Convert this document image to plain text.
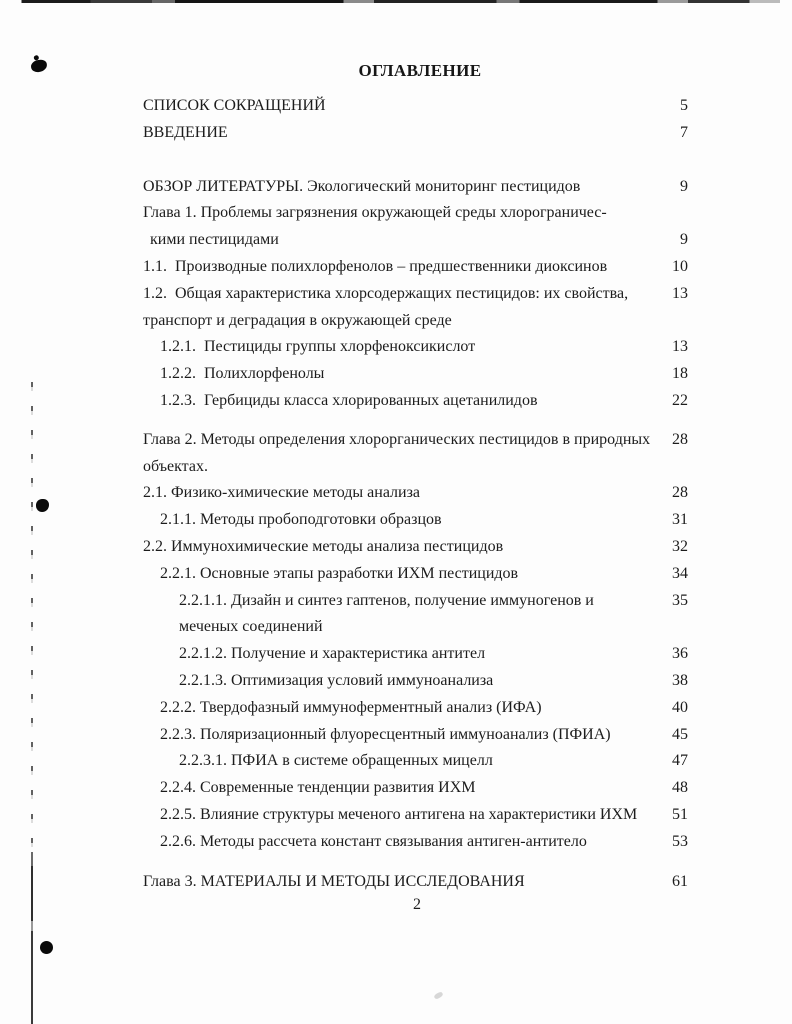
ОГЛАВЛЕНИЕ
СПИСОК СОКРАЩЕНИЙ	5
ВВЕДЕНИЕ	7
ОБЗОР ЛИТЕРАТУРЫ. Экологический мониторинг пестицидов	9
Глава 1. Проблемы загрязнения окружающей среды хлорограничес-
кими пестицидами	9
1.1.  Производные полихлорфенолов – предшественники диоксинов	10
1.2.  Общая характеристика хлорсодержащих пестицидов: их свойства,	13
транспорт и деградация в окружающей среде
1.2.1.  Пестициды группы хлорфеноксикислот	13
1.2.2.  Полихлорфенолы	18
1.2.3.  Гербициды класса хлорированных ацетанилидов	22
Глава 2. Методы определения хлорорганических пестицидов в природных	28
объектах.
2.1. Физико-химические методы анализа	28
2.1.1. Методы пробоподготовки образцов	31
2.2. Иммунохимические методы анализа пестицидов	32
2.2.1. Основные этапы разработки ИХМ пестицидов	34
2.2.1.1. Дизайн и синтез гаптенов, получение иммуногенов и	35
меченых соединений
2.2.1.2. Получение и характеристика антител	36
2.2.1.3. Оптимизация условий иммуноанализа	38
2.2.2. Твердофазный иммуноферментный анализ (ИФА)	40
2.2.3. Поляризационный флуоресцентный иммуноанализ (ПФИА)	45
2.2.3.1. ПФИА в системе обращенных мицелл	47
2.2.4. Современные тенденции развития ИХМ	48
2.2.5. Влияние структуры меченого антигена на характеристики ИХМ	51
2.2.6. Методы рассчета констант связывания антиген-антитело	53
Глава 3. МАТЕРИАЛЫ И МЕТОДЫ ИССЛЕДОВАНИЯ	61
2
